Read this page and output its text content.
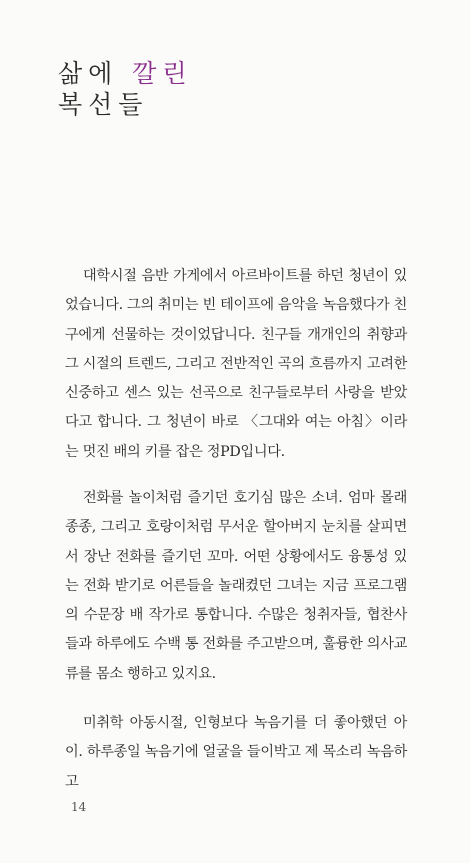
삶에 깔린
복선들

대학시절 음반 가게에서 아르바이트를 하던 청년이 있었습니다. 그의 취미는 빈 테이프에 음악을 녹음했다가 친구에게 선물하는 것이었답니다. 친구들 개개인의 취향과 그 시절의 트렌드, 그리고 전반적인 곡의 흐름까지 고려한 신중하고 센스 있는 선곡으로 친구들로부터 사랑을 받았다고 합니다. 그 청년이 바로 〈그대와 여는 아침〉이라는 멋진 배의 키를 잡은 정PD입니다.

전화를 놀이처럼 즐기던 호기심 많은 소녀. 엄마 몰래 종종, 그리고 호랑이처럼 무서운 할아버지 눈치를 살피면서 장난 전화를 즐기던 꼬마. 어떤 상황에서도 융통성 있는 전화 받기로 어른들을 놀래켰던 그녀는 지금 프로그램의 수문장 배 작가로 통합니다. 수많은 청취자들, 협찬사들과 하루에도 수백 통 전화를 주고받으며, 훌륭한 의사교류를 몸소 행하고 있지요.

미취학 아동시절, 인형보다 녹음기를 더 좋아했던 아이. 하루종일 녹음기에 얼굴을 들이박고 제 목소리 녹음하고

14
